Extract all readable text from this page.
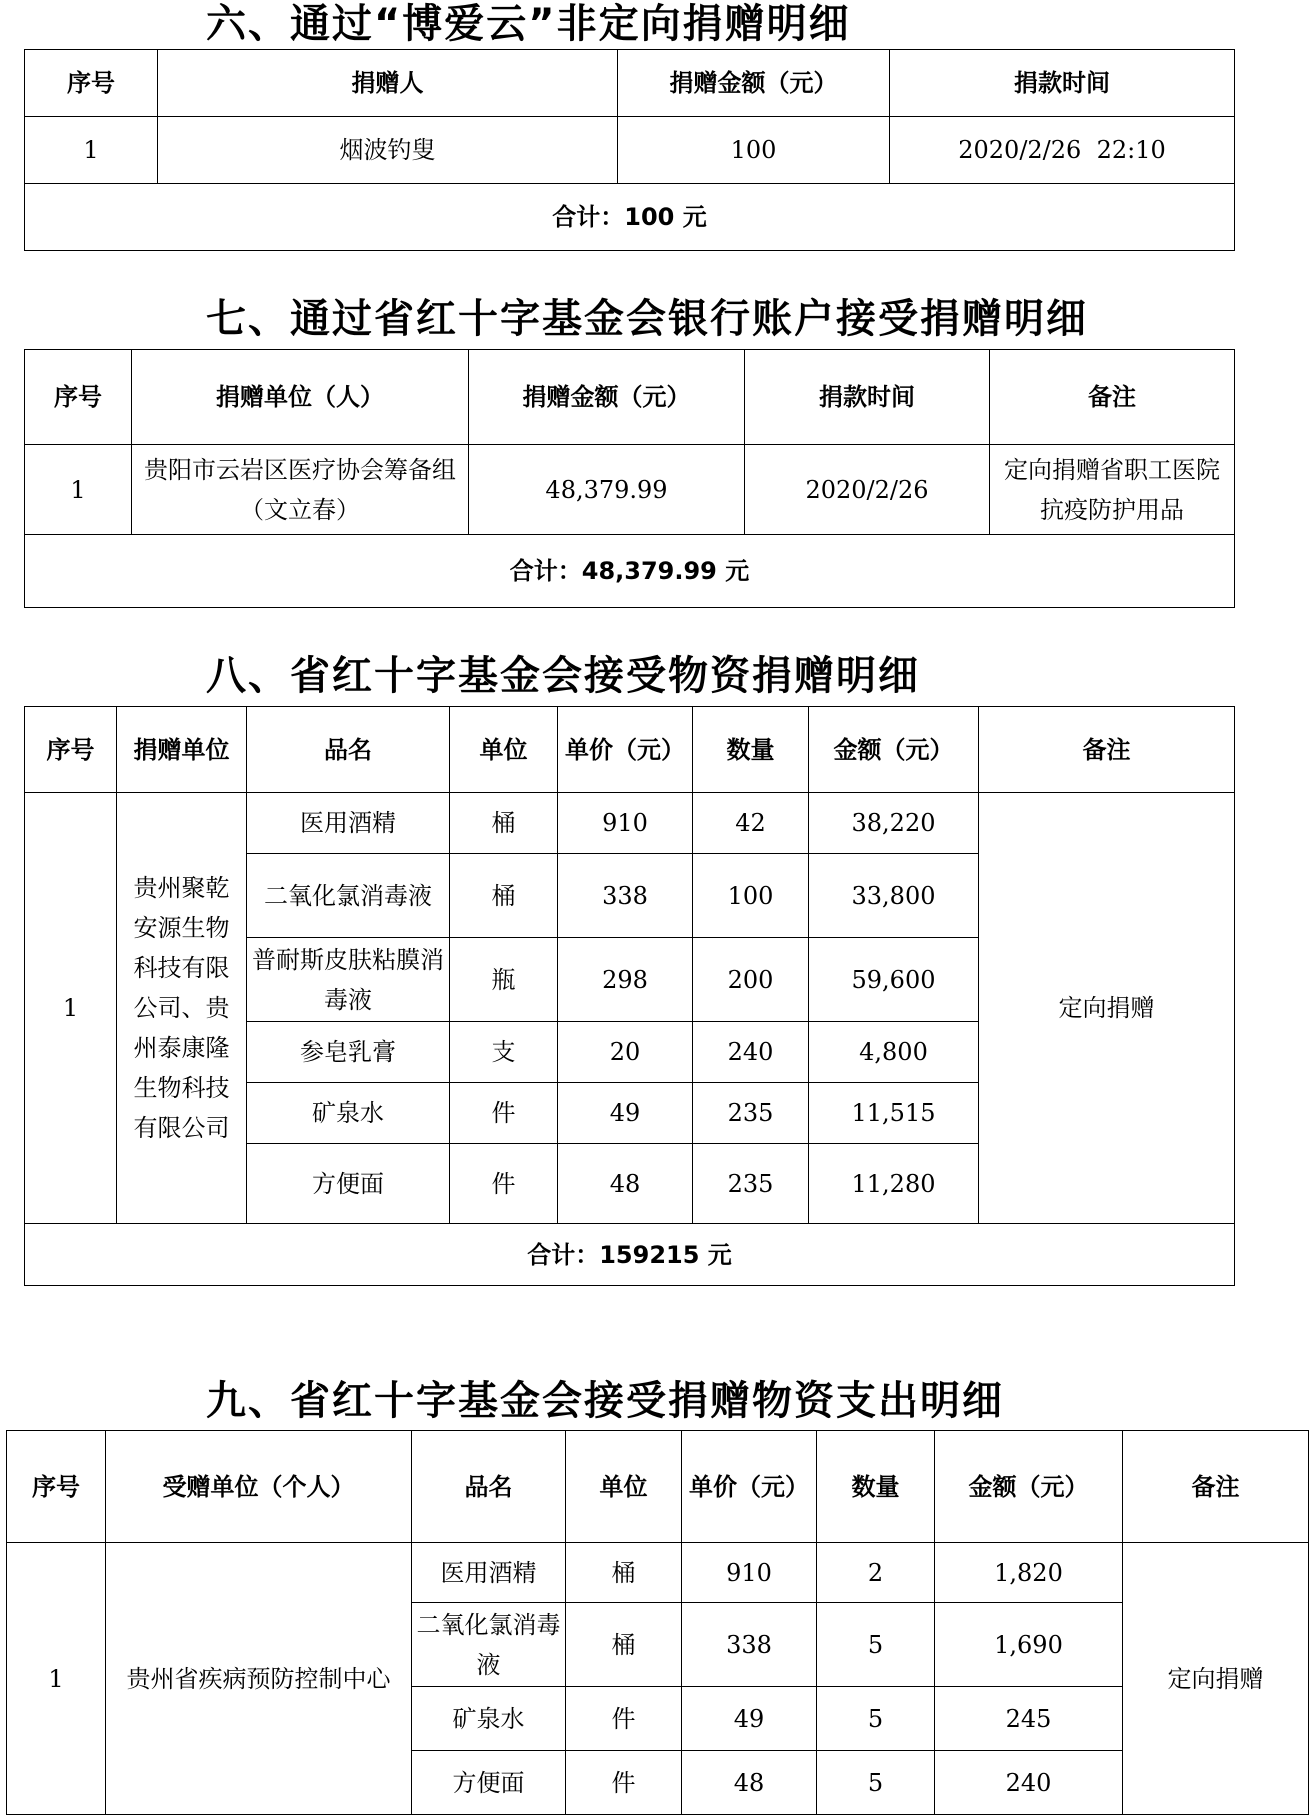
六、通过“博爱云”非定向捐赠明细
序号	捐赠人	捐赠金额（元）	捐款时间
1	烟波钓叟	100	2020/2/26  22:10
合计：100 元			
七、通过省红十字基金会银行账户接受捐赠明细
序号	捐赠单位（人）	捐赠金额（元）	捐款时间	备注
1	贵阳市云岩区医疗协会筹备组（文立春）	48,379.99	2020/2/26	定向捐赠省职工医院抗疫防护用品
合计：48,379.99 元				
八、省红十字基金会接受物资捐赠明细
序号	捐赠单位	品名	单位	单价（元）	数量	金额（元）	备注
1	贵州聚乾安源生物科技有限公司、贵州泰康隆生物科技有限公司	医用酒精	桶	910	42	38,220	定向捐赠
		二氧化氯消毒液	桶	338	100	33,800	
		普耐斯皮肤粘膜消毒液	瓶	298	200	59,600	
		参皂乳膏	支	20	240	4,800	
		矿泉水	件	49	235	11,515	
		方便面	件	48	235	11,280	
合计：159215 元							
九、省红十字基金会接受捐赠物资支出明细
序号	受赠单位（个人）	品名	单位	单价（元）	数量	金额（元）	备注
1	贵州省疾病预防控制中心	医用酒精	桶	910	2	1,820	定向捐赠
		二氧化氯消毒液	桶	338	5	1,690	
		矿泉水	件	49	5	245	
		方便面	件	48	5	240	
